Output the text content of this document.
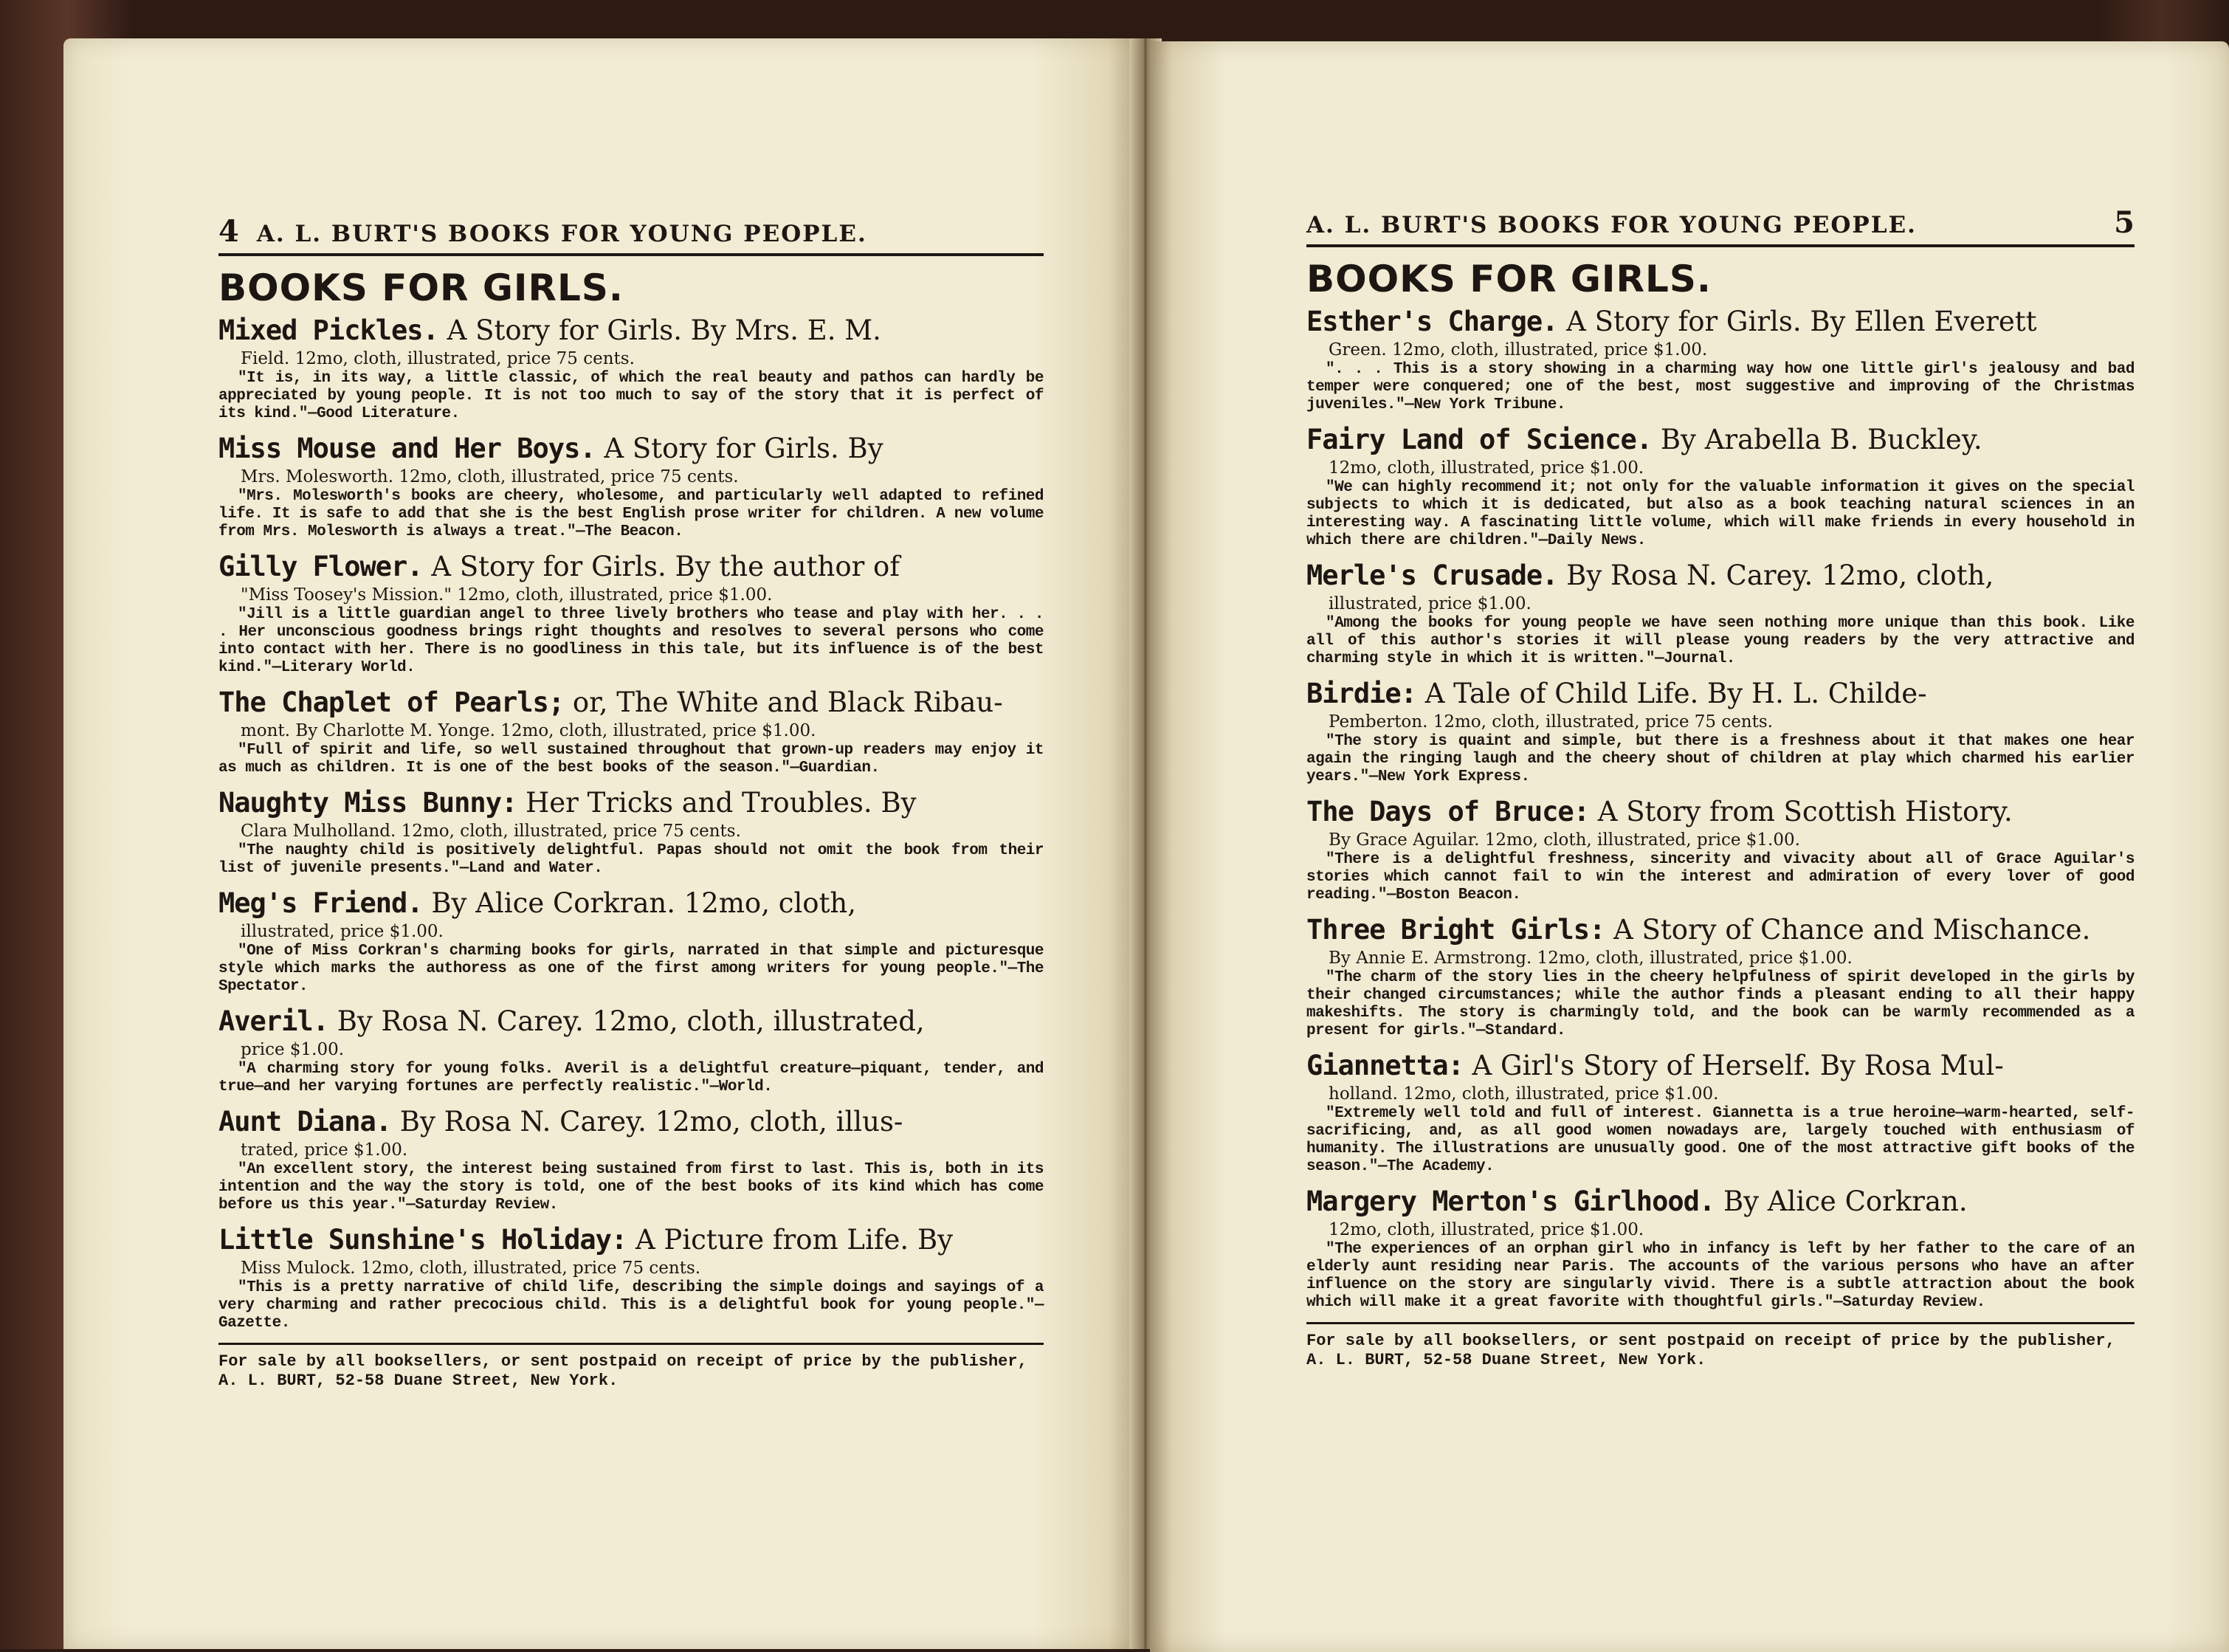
4 A. L. BURT'S BOOKS FOR YOUNG PEOPLE.
BOOKS FOR GIRLS.
Mixed Pickles. A Story for Girls. By Mrs. E. M.
Field. 12mo, cloth, illustrated, price 75 cents.
"It is, in its way, a little classic, of which the real beauty and pathos can hardly be appreciated by young people. It is not too much to say of the story that it is perfect of its kind."—Good Literature.
Miss Mouse and Her Boys. A Story for Girls. By
Mrs. Molesworth. 12mo, cloth, illustrated, price 75 cents.
"Mrs. Molesworth's books are cheery, wholesome, and particularly well adapted to refined life. It is safe to add that she is the best English prose writer for children. A new volume from Mrs. Molesworth is always a treat."—The Beacon.
Gilly Flower. A Story for Girls. By the author of
"Miss Toosey's Mission." 12mo, cloth, illustrated, price $1.00.
"Jill is a little guardian angel to three lively brothers who tease and play with her. . . . Her unconscious goodness brings right thoughts and resolves to several persons who come into contact with her. There is no goodliness in this tale, but its influence is of the best kind."—Literary World.
The Chaplet of Pearls; or, The White and Black Ribau-
mont. By Charlotte M. Yonge. 12mo, cloth, illustrated, price $1.00.
"Full of spirit and life, so well sustained throughout that grown-up readers may enjoy it as much as children. It is one of the best books of the season."—Guardian.
Naughty Miss Bunny: Her Tricks and Troubles. By
Clara Mulholland. 12mo, cloth, illustrated, price 75 cents.
"The naughty child is positively delightful. Papas should not omit the book from their list of juvenile presents."—Land and Water.
Meg's Friend. By Alice Corkran. 12mo, cloth,
illustrated, price $1.00.
"One of Miss Corkran's charming books for girls, narrated in that simple and picturesque style which marks the authoress as one of the first among writers for young people."—The Spectator.
Averil. By Rosa N. Carey. 12mo, cloth, illustrated,
price $1.00.
"A charming story for young folks. Averil is a delightful creature—piquant, tender, and true—and her varying fortunes are perfectly realistic."—World.
Aunt Diana. By Rosa N. Carey. 12mo, cloth, illus-
trated, price $1.00.
"An excellent story, the interest being sustained from first to last. This is, both in its intention and the way the story is told, one of the best books of its kind which has come before us this year."—Saturday Review.
Little Sunshine's Holiday: A Picture from Life. By
Miss Mulock. 12mo, cloth, illustrated, price 75 cents.
"This is a pretty narrative of child life, describing the simple doings and sayings of a very charming and rather precocious child. This is a delightful book for young people."—Gazette.
For sale by all booksellers, or sent postpaid on receipt of price by the publisher, A. L. BURT, 52-58 Duane Street, New York.
A. L. BURT'S BOOKS FOR YOUNG PEOPLE.	5
BOOKS FOR GIRLS.
Esther's Charge. A Story for Girls. By Ellen Everett
Green. 12mo, cloth, illustrated, price $1.00.
". . . This is a story showing in a charming way how one little girl's jealousy and bad temper were conquered; one of the best, most suggestive and improving of the Christmas juveniles."—New York Tribune.
Fairy Land of Science. By Arabella B. Buckley.
12mo, cloth, illustrated, price $1.00.
"We can highly recommend it; not only for the valuable information it gives on the special subjects to which it is dedicated, but also as a book teaching natural sciences in an interesting way. A fascinating little volume, which will make friends in every household in which there are children."—Daily News.
Merle's Crusade. By Rosa N. Carey. 12mo, cloth,
illustrated, price $1.00.
"Among the books for young people we have seen nothing more unique than this book. Like all of this author's stories it will please young readers by the very attractive and charming style in which it is written."—Journal.
Birdie: A Tale of Child Life. By H. L. Childe-
Pemberton. 12mo, cloth, illustrated, price 75 cents.
"The story is quaint and simple, but there is a freshness about it that makes one hear again the ringing laugh and the cheery shout of children at play which charmed his earlier years."—New York Express.
The Days of Bruce: A Story from Scottish History.
By Grace Aguilar. 12mo, cloth, illustrated, price $1.00.
"There is a delightful freshness, sincerity and vivacity about all of Grace Aguilar's stories which cannot fail to win the interest and admiration of every lover of good reading."—Boston Beacon.
Three Bright Girls: A Story of Chance and Mischance.
By Annie E. Armstrong. 12mo, cloth, illustrated, price $1.00.
"The charm of the story lies in the cheery helpfulness of spirit developed in the girls by their changed circumstances; while the author finds a pleasant ending to all their happy makeshifts. The story is charmingly told, and the book can be warmly recommended as a present for girls."—Standard.
Giannetta: A Girl's Story of Herself. By Rosa Mul-
holland. 12mo, cloth, illustrated, price $1.00.
"Extremely well told and full of interest. Giannetta is a true heroine—warm-hearted, self-sacrificing, and, as all good women nowadays are, largely touched with enthusiasm of humanity. The illustrations are unusually good. One of the most attractive gift books of the season."—The Academy.
Margery Merton's Girlhood. By Alice Corkran.
12mo, cloth, illustrated, price $1.00.
"The experiences of an orphan girl who in infancy is left by her father to the care of an elderly aunt residing near Paris. The accounts of the various persons who have an after influence on the story are singularly vivid. There is a subtle attraction about the book which will make it a great favorite with thoughtful girls."—Saturday Review.
For sale by all booksellers, or sent postpaid on receipt of price by the publisher, A. L. BURT, 52-58 Duane Street, New York.
